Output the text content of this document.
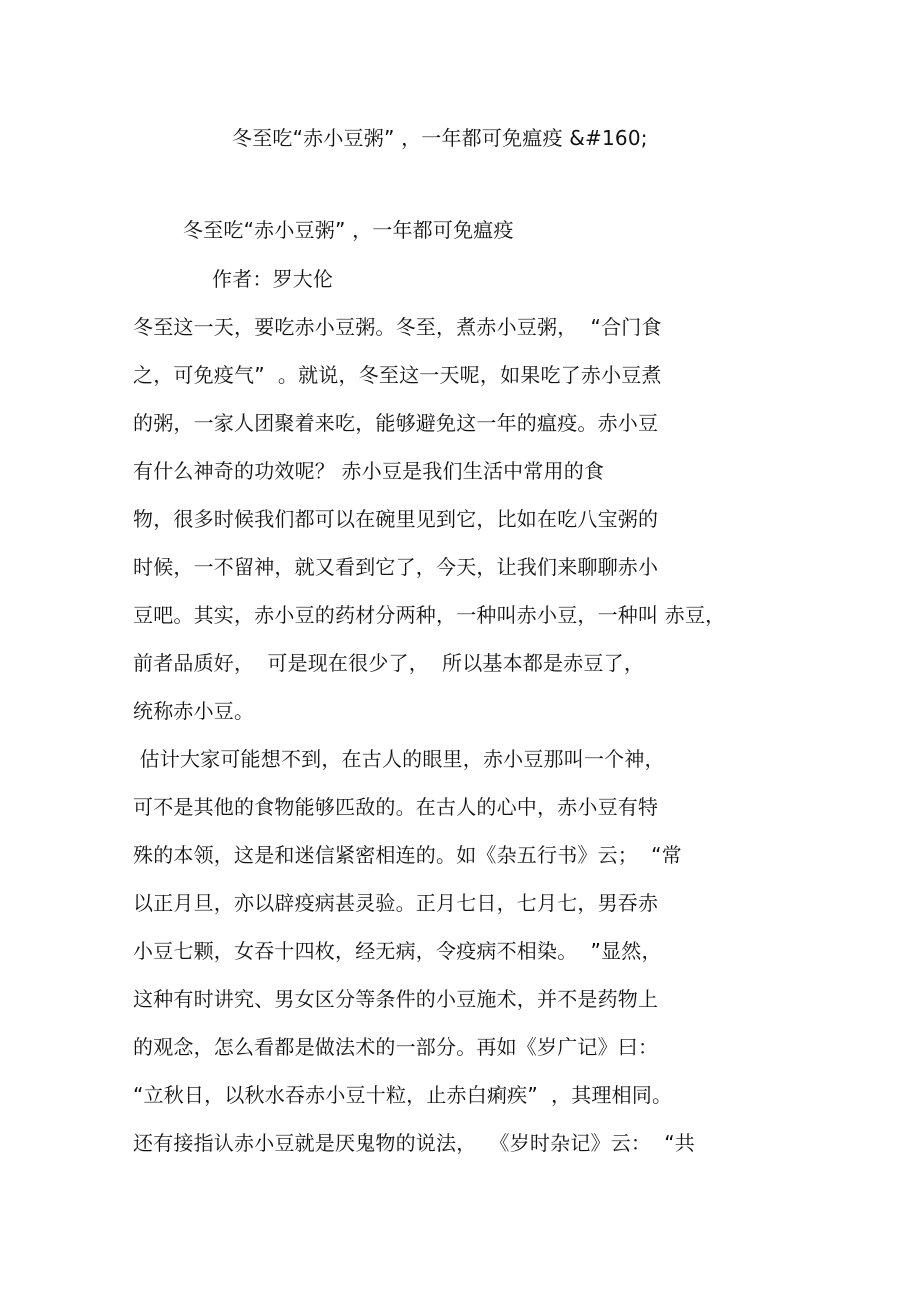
冬至吃“赤小豆粥” ，一年都可免瘟疫 &#160;
冬至吃“赤小豆粥” ，一年都可免瘟疫
作者：罗大伦
冬至这一天，要吃赤小豆粥。冬至，煮赤小豆粥，  “合门食
之，可免疫气”  。就说，冬至这一天呢，如果吃了赤小豆煮
的粥，一家人团聚着来吃，能够避免这一年的瘟疫。赤小豆
有什么神奇的功效呢？ 赤小豆是我们生活中常用的食
物，很多时候我们都可以在碗里见到它，比如在吃八宝粥的
时候，一不留神，就又看到它了，今天，让我们来聊聊赤小
豆吧。其实，赤小豆的药材分两种，一种叫赤小豆，一种叫 赤豆，
前者品质好，  可是现在很少了，  所以基本都是赤豆了，
统称赤小豆。
估计大家可能想不到，在古人的眼里，赤小豆那叫一个神，
可不是其他的食物能够匹敌的。在古人的心中，赤小豆有特
殊的本领，这是和迷信紧密相连的。如《杂五行书》云；  “常
以正月旦，亦以辟疫病甚灵验。正月七日，七月七，男吞赤
小豆七颗，女吞十四枚，经无病，令疫病不相染。  ”显然，
这种有时讲究、男女区分等条件的小豆施术，并不是药物上
的观念，怎么看都是做法术的一部分。再如《岁广记》曰：
“立秋日，以秋水吞赤小豆十粒，止赤白痢疾”  ，其理相同。
还有接指认赤小豆就是厌鬼物的说法，  《岁时杂记》云：  “共
